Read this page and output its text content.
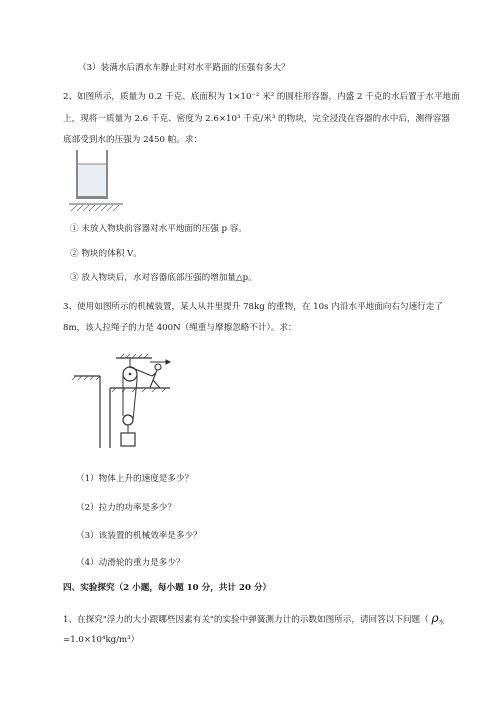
（3）装满水后洒水车静止时对水平路面的压强有多大？
2、如图所示，质量为 0.2 千克、底面积为 1×10⁻² 米² 的圆柱形容器，内盛 2 千克的水后置于水平地面
上，现将一质量为 2.6 千克、密度为 2.6×10³ 千克/米³ 的物块，完全浸没在容器的水中后，测得容器
底部受到水的压强为 2450 帕。求：
① 未放入物块前容器对水平地面的压强 p 容。
② 物块的体积 V。
③ 放入物块后，水对容器底部压强的增加量△p。
3、使用如图所示的机械装置，某人从井里提升 78kg 的重物，在 10s 内沿水平地面向右匀速行走了
8m，该人拉绳子的力是 400N（绳重与摩擦忽略不计）。求：
（1）物体上升的速度是多少？
（2）拉力的功率是多少？
（3）该装置的机械效率是多少？
（4）动滑轮的重力是多少？
四、实验探究（2 小题，每小题 10 分，共计 20 分）
1、在探究"浮力的大小跟哪些因素有关"的实验中弹簧测力计的示数如图所示，请回答以下问题（ $\rho_水$
=1.0×10⁴kg/m³）
